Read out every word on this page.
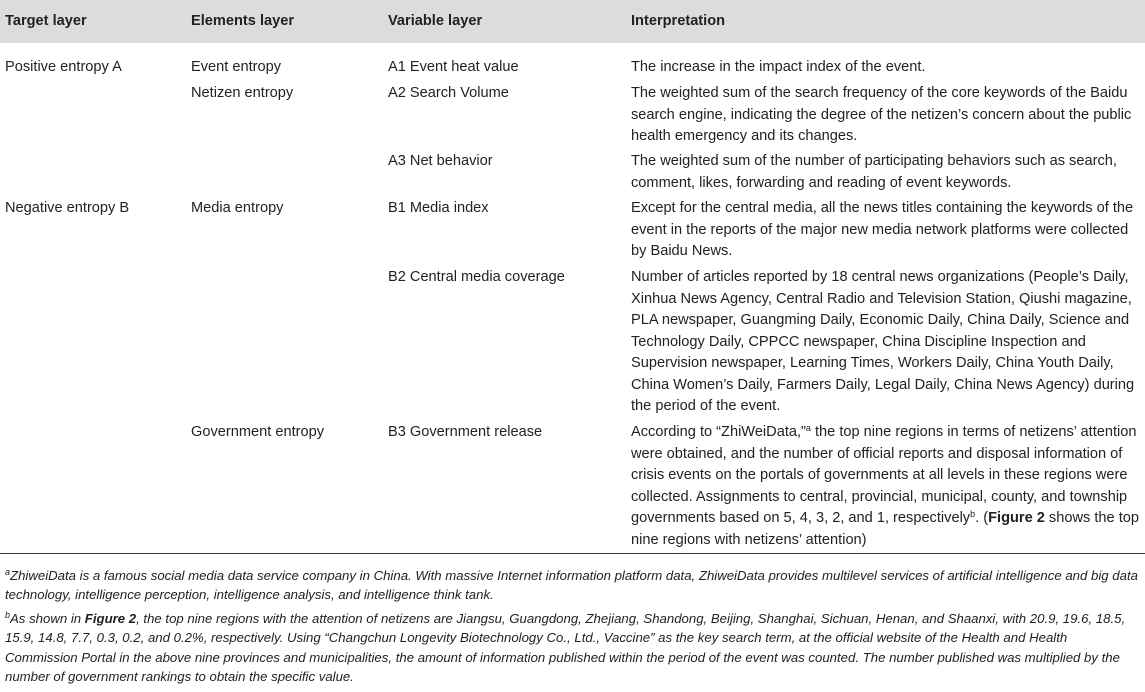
Target layer	Elements layer	Variable layer	Interpretation
Positive entropy A	Event entropy	A1 Event heat value	The increase in the impact index of the event.
	Netizen entropy	A2 Search Volume	The weighted sum of the search frequency of the core keywords of the Baidu search engine, indicating the degree of the netizen’s concern about the public health emergency and its changes.
		A3 Net behavior	The weighted sum of the number of participating behaviors such as search, comment, likes, forwarding and reading of event keywords.
Negative entropy B	Media entropy	B1 Media index	Except for the central media, all the news titles containing the keywords of the event in the reports of the major new media network platforms were collected by Baidu News.
		B2 Central media coverage	Number of articles reported by 18 central news organizations (People’s Daily, Xinhua News Agency, Central Radio and Television Station, Qiushi magazine, PLA newspaper, Guangming Daily, Economic Daily, China Daily, Science and Technology Daily, CPPCC newspaper, China Discipline Inspection and Supervision newspaper, Learning Times, Workers Daily, China Youth Daily, China Women’s Daily, Farmers Daily, Legal Daily, China News Agency) during the period of the event.
	Government entropy	B3 Government release	According to “ZhiWeiData,”$^a$ the top nine regions in terms of netizens’ attention were obtained, and the number of official reports and disposal information of crisis events on the portals of governments at all levels in these regions were collected. Assignments to central, provincial, municipal, county, and township governments based on 5, 4, 3, 2, and 1, respectively$^b$. (Figure 2 shows the top nine regions with netizens’ attention)

$^a$ZhiweiData is a famous social media data service company in China. With massive Internet information platform data, ZhiweiData provides multilevel services of artificial intelligence and big data technology, intelligence perception, intelligence analysis, and intelligence think tank.

$^b$As shown in Figure 2, the top nine regions with the attention of netizens are Jiangsu, Guangdong, Zhejiang, Shandong, Beijing, Shanghai, Sichuan, Henan, and Shaanxi, with 20.9, 19.6, 18.5, 15.9, 14.8, 7.7, 0.3, 0.2, and 0.2%, respectively. Using “Changchun Longevity Biotechnology Co., Ltd., Vaccine” as the key search term, at the official website of the Health and Health Commission Portal in the above nine provinces and municipalities, the amount of information published within the period of the event was counted. The number published was multiplied by the number of government rankings to obtain the specific value.
